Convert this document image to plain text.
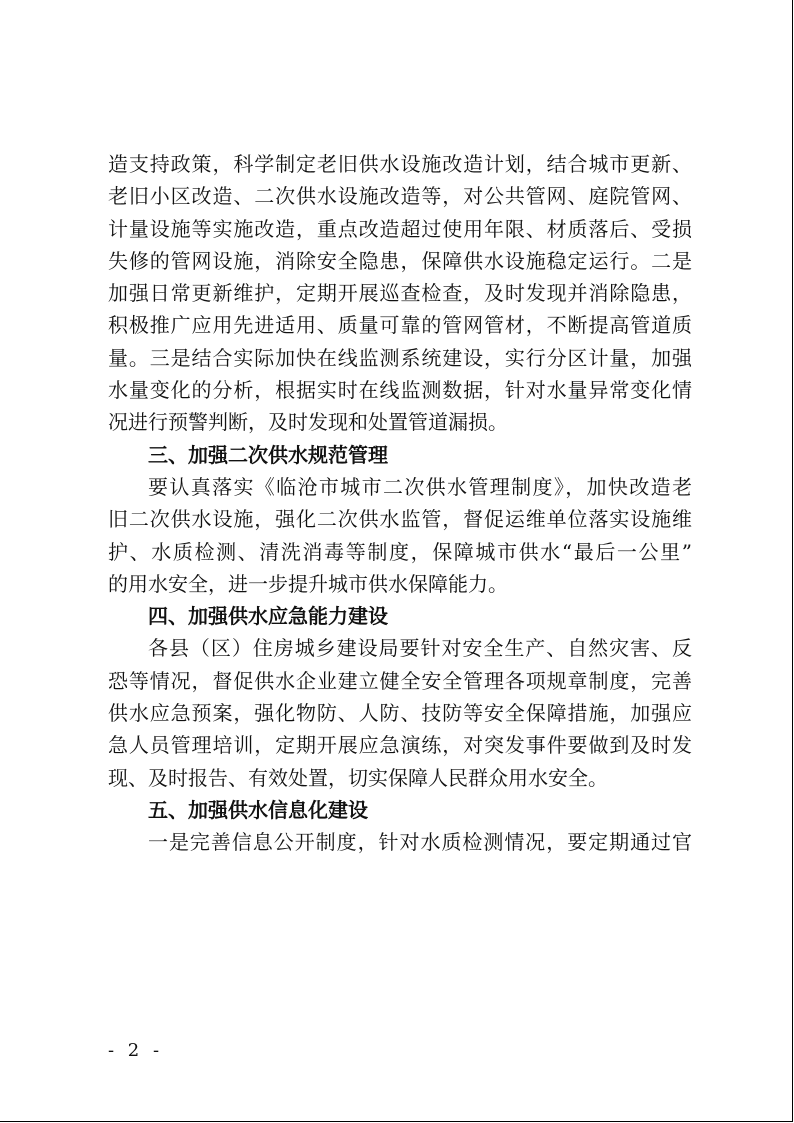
造支持政策，科学制定老旧供水设施改造计划，结合城市更新、
老旧小区改造、二次供水设施改造等，对公共管网、庭院管网、
计量设施等实施改造，重点改造超过使用年限、材质落后、受损
失修的管网设施，消除安全隐患，保障供水设施稳定运行。二是
加强日常更新维护，定期开展巡查检查，及时发现并消除隐患，
积极推广应用先进适用、质量可靠的管网管材，不断提高管道质
量。三是结合实际加快在线监测系统建设，实行分区计量，加强
水量变化的分析，根据实时在线监测数据，针对水量异常变化情
况进行预警判断，及时发现和处置管道漏损。
三、加强二次供水规范管理
要认真落实《临沧市城市二次供水管理制度》，加快改造老
旧二次供水设施，强化二次供水监管，督促运维单位落实设施维
护、水质检测、清洗消毒等制度，保障城市供水“最后一公里”
的用水安全，进一步提升城市供水保障能力。
四、加强供水应急能力建设
各县（区）住房城乡建设局要针对安全生产、自然灾害、反
恐等情况，督促供水企业建立健全安全管理各项规章制度，完善
供水应急预案，强化物防、人防、技防等安全保障措施，加强应
急人员管理培训，定期开展应急演练，对突发事件要做到及时发
现、及时报告、有效处置，切实保障人民群众用水安全。
五、加强供水信息化建设
一是完善信息公开制度，针对水质检测情况，要定期通过官
- 2 -
